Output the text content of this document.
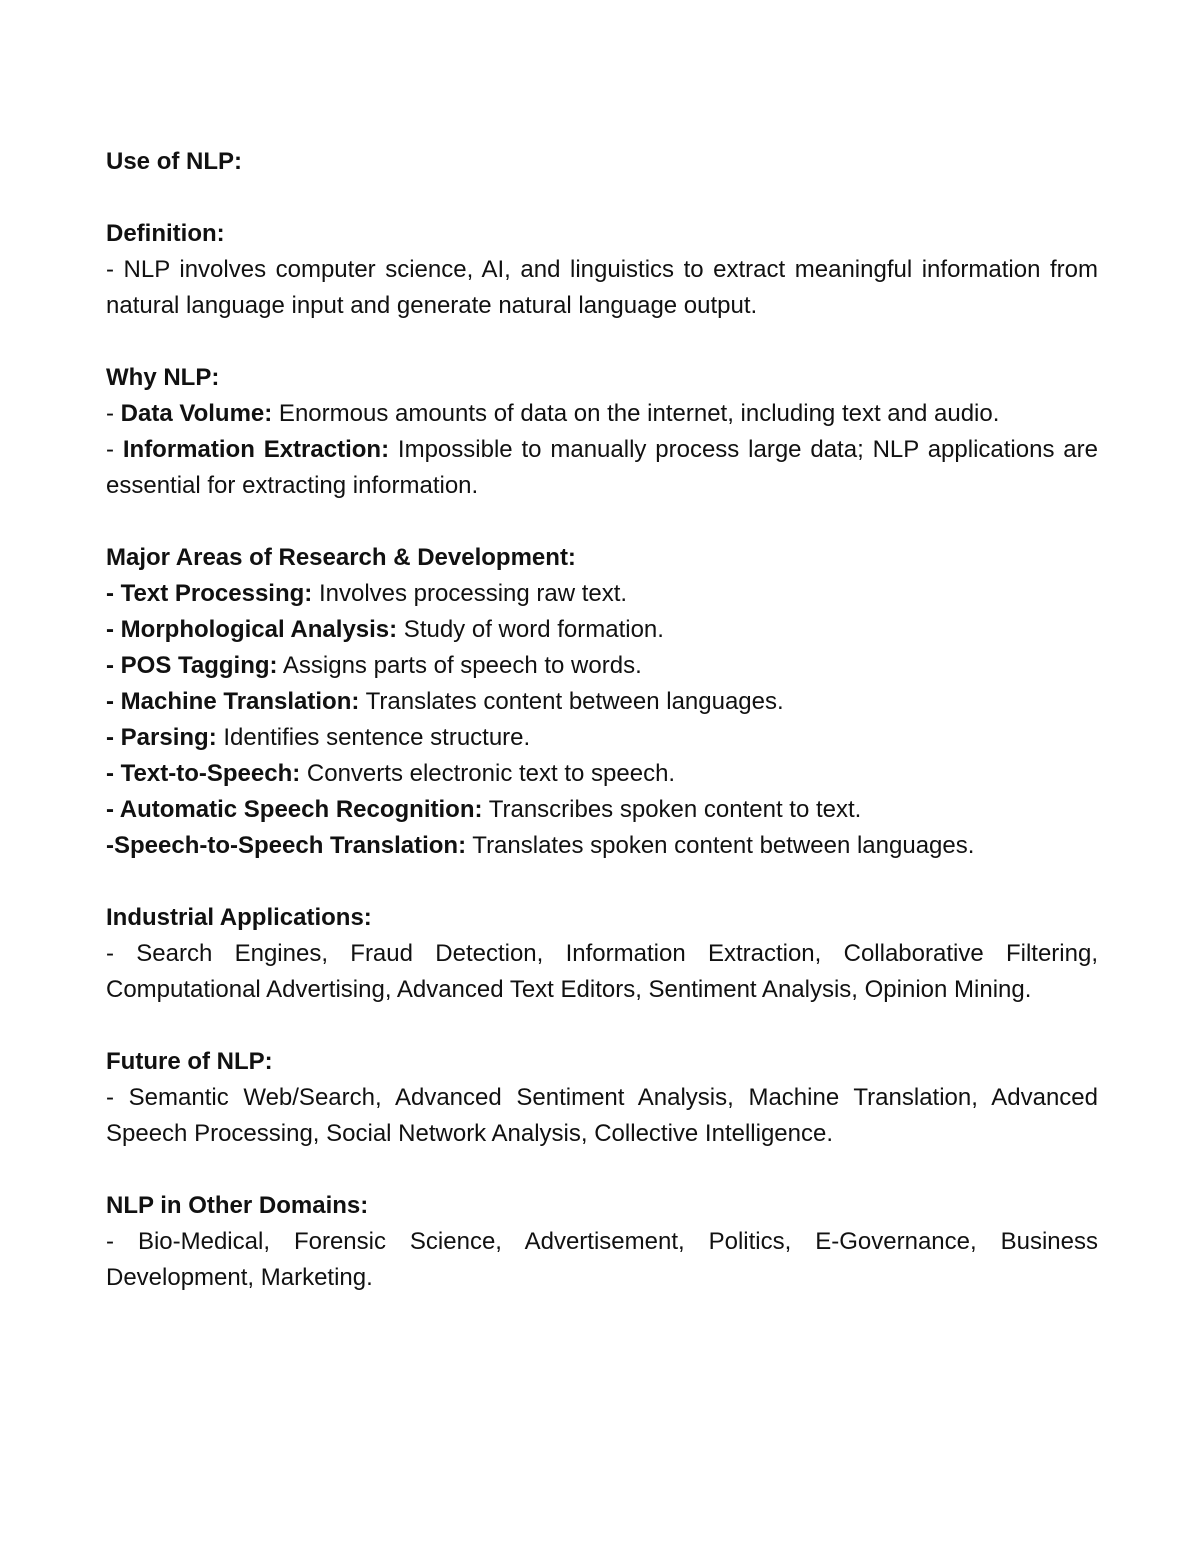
Use of NLP:

Definition:

- NLP involves computer science, AI, and linguistics to extract meaningful information from natural language input and generate natural language output.

Why NLP:

- Data Volume: Enormous amounts of data on the internet, including text and audio.

- Information Extraction: Impossible to manually process large data; NLP applications are essential for extracting information.

Major Areas of Research & Development:

- Text Processing: Involves processing raw text.

- Morphological Analysis: Study of word formation.

- POS Tagging: Assigns parts of speech to words.

- Machine Translation: Translates content between languages.

- Parsing: Identifies sentence structure.

- Text-to-Speech: Converts electronic text to speech.

- Automatic Speech Recognition: Transcribes spoken content to text.

-Speech-to-Speech Translation: Translates spoken content between languages.

Industrial Applications:

- Search Engines, Fraud Detection, Information Extraction, Collaborative Filtering, Computational Advertising, Advanced Text Editors, Sentiment Analysis, Opinion Mining.

Future of NLP:

- Semantic Web/Search, Advanced Sentiment Analysis, Machine Translation, Advanced Speech Processing, Social Network Analysis, Collective Intelligence.

NLP in Other Domains:

- Bio-Medical, Forensic Science, Advertisement, Politics, E-Governance, Business Development, Marketing.
